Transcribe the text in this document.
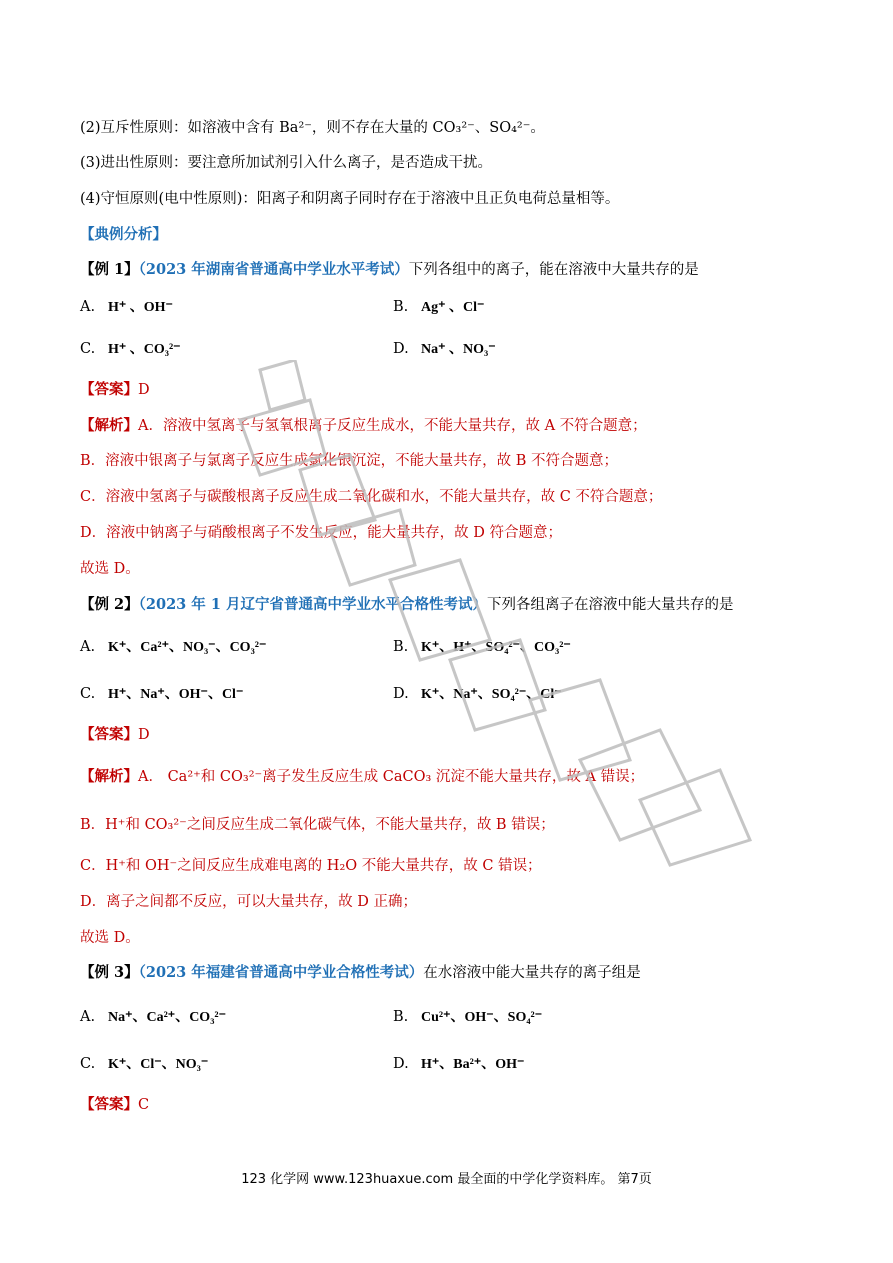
(2)互斥性原则：如溶液中含有 Ba²⁻，则不存在大量的 CO₃²⁻、SO₄²⁻。
(3)进出性原则：要注意所加试剂引入什么离子，是否造成干扰。
(4)守恒原则(电中性原则)：阳离子和阴离子同时存在于溶液中且正负电荷总量相等。
【典例分析】
【例 1】（2023 年湖南省普通高中学业水平考试）下列各组中的离子，能在溶液中大量共存的是
A. H⁺ 、OH⁻	B. Ag⁺ 、Cl⁻
C. H⁺ 、CO₃²⁻	D. Na⁺ 、NO₃⁻
【答案】D
【解析】A．溶液中氢离子与氢氧根离子反应生成水，不能大量共存，故 A 不符合题意；
B．溶液中银离子与氯离子反应生成氯化银沉淀，不能大量共存，故 B 不符合题意；
C．溶液中氢离子与碳酸根离子反应生成二氧化碳和水，不能大量共存，故 C 不符合题意；
D．溶液中钠离子与硝酸根离子不发生反应，能大量共存，故 D 符合题意；
故选 D。
【例 2】（2023 年 1 月辽宁省普通高中学业水平合格性考试）下列各组离子在溶液中能大量共存的是
A. K⁺、Ca²⁺、NO₃⁻、CO₃²⁻	B. K⁺、H⁺、SO₄²⁻、CO₃²⁻
C. H⁺、Na⁺、OH⁻、Cl⁻	D. K⁺、Na⁺、SO₄²⁻、Cl⁻
【答案】D
【解析】A． Ca²⁺和 CO₃²⁻离子发生反应生成 CaCO₃ 沉淀不能大量共存，故 A 错误；
B．H⁺和 CO₃²⁻之间反应生成二氧化碳气体，不能大量共存，故 B 错误；
C．H⁺和 OH⁻之间反应生成难电离的 H₂O 不能大量共存，故 C 错误；
D．离子之间都不反应，可以大量共存，故 D 正确；
故选 D。
【例 3】（2023 年福建省普通高中学业合格性考试）在水溶液中能大量共存的离子组是
A. Na⁺、Ca²⁺、CO₃²⁻	B. Cu²⁺、OH⁻、SO₄²⁻
C. K⁺、Cl⁻、NO₃⁻	D. H⁺、Ba²⁺、OH⁻
【答案】C
123 化学网 www.123huaxue.com 最全面的中学化学资料库。 第7页
